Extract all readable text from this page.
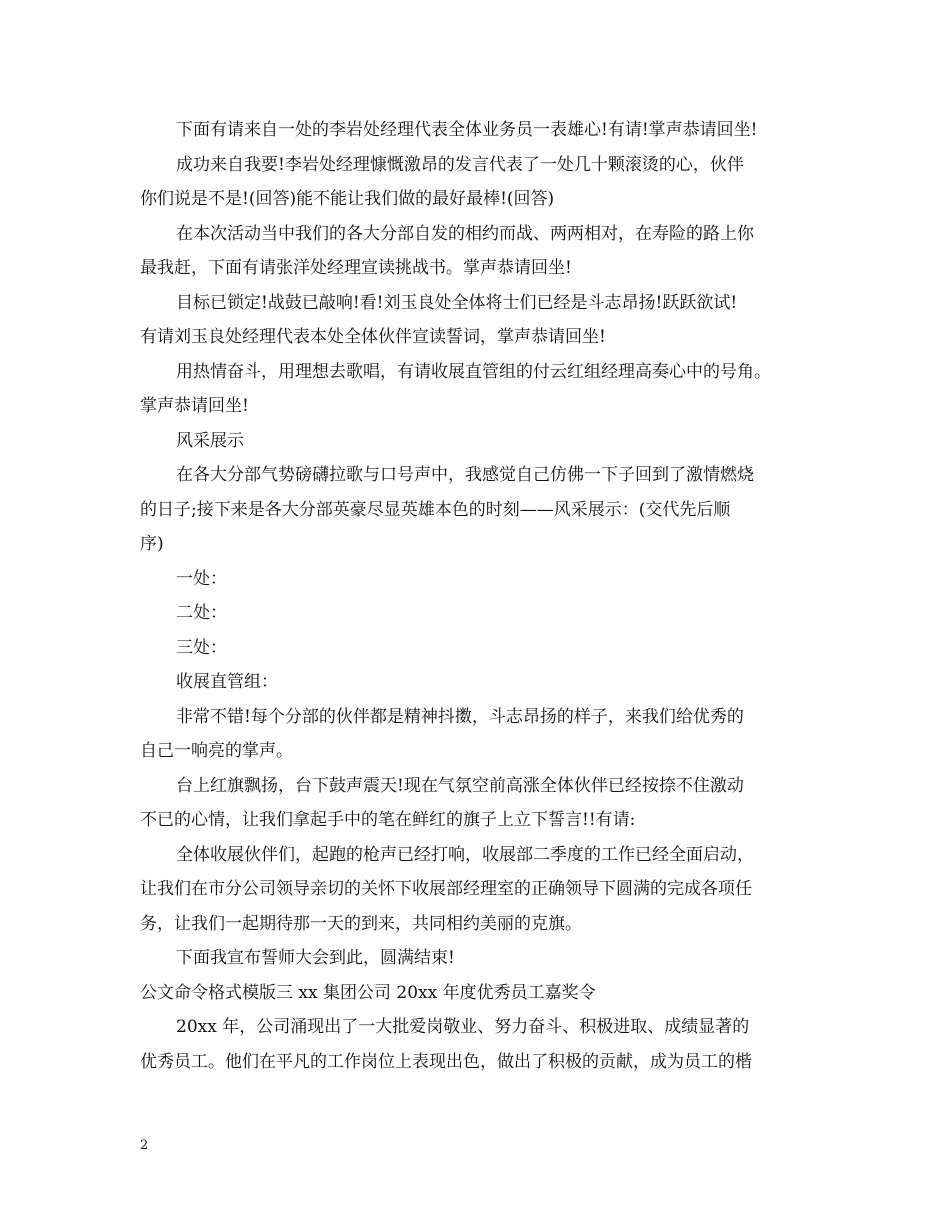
下面有请来自一处的李岩处经理代表全体业务员一表雄心!有请!掌声恭请回坐!
成功来自我要!李岩处经理慷慨激昂的发言代表了一处几十颗滚烫的心，伙伴
你们说是不是!(回答)能不能让我们做的最好最棒!(回答)
在本次活动当中我们的各大分部自发的相约而战、两两相对，在寿险的路上你
最我赶，下面有请张洋处经理宣读挑战书。掌声恭请回坐!
目标已锁定!战鼓已敲响!看!刘玉良处全体将士们已经是斗志昂扬!跃跃欲试!
有请刘玉良处经理代表本处全体伙伴宣读誓词，掌声恭请回坐!
用热情奋斗，用理想去歌唱，有请收展直管组的付云红组经理高奏心中的号角。
掌声恭请回坐!
风采展示
在各大分部气势磅礴拉歌与口号声中，我感觉自己仿佛一下子回到了激情燃烧
的日子;接下来是各大分部英豪尽显英雄本色的时刻——风采展示：(交代先后顺
序)
一处：
二处：
三处：
收展直管组：
非常不错!每个分部的伙伴都是精神抖擞，斗志昂扬的样子，来我们给优秀的
自己一响亮的掌声。
台上红旗飘扬，台下鼓声震天!现在气氛空前高涨全体伙伴已经按捺不住激动
不已的心情，让我们拿起手中的笔在鲜红的旗子上立下誓言!!有请:
全体收展伙伴们，起跑的枪声已经打响，收展部二季度的工作已经全面启动，
让我们在市分公司领导亲切的关怀下收展部经理室的正确领导下圆满的完成各项任
务，让我们一起期待那一天的到来，共同相约美丽的克旗。
下面我宣布誓师大会到此，圆满结束!
公文命令格式模版三 xx 集团公司 20xx 年度优秀员工嘉奖令
20xx 年，公司涌现出了一大批爱岗敬业、努力奋斗、积极进取、成绩显著的
优秀员工。他们在平凡的工作岗位上表现出色，做出了积极的贡献，成为员工的楷
2
